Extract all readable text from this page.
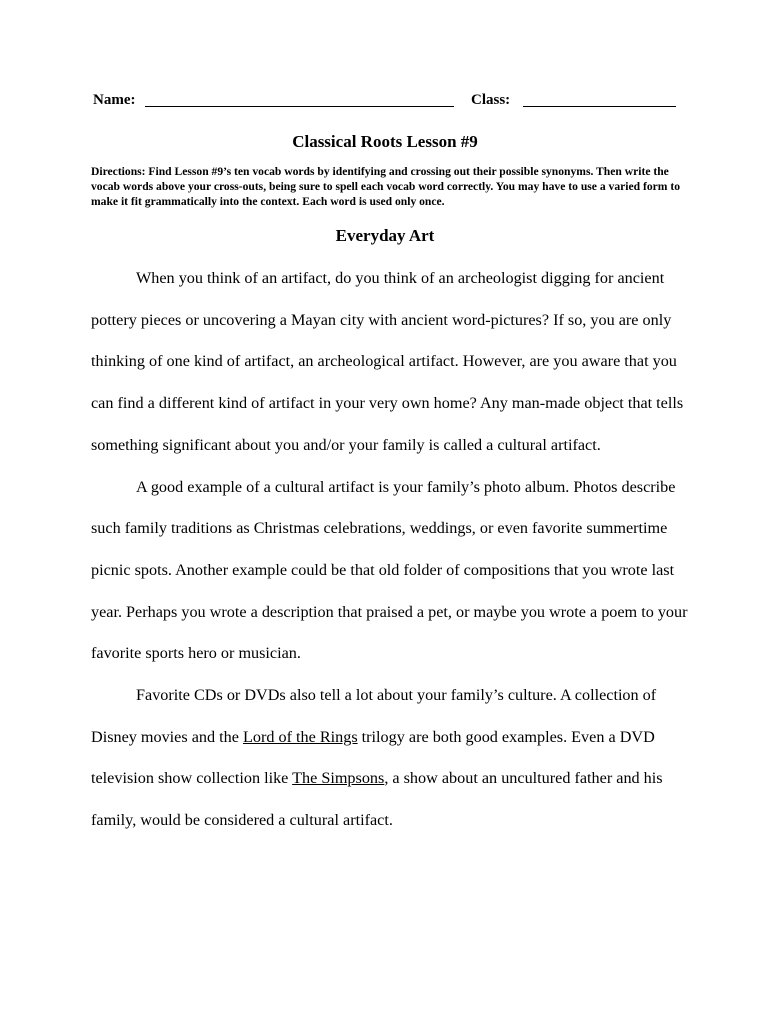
Name:	Class:
Classical Roots Lesson #9
Directions: Find Lesson #9’s ten vocab words by identifying and crossing out their possible synonyms. Then write the vocab words above your cross-outs, being sure to spell each vocab word correctly. You may have to use a varied form to make it fit grammatically into the context. Each word is used only once.
Everyday Art

When you think of an artifact, do you think of an archeologist digging for ancient pottery pieces or uncovering a Mayan city with ancient word-pictures? If so, you are only thinking of one kind of artifact, an archeological artifact. However, are you aware that you can find a different kind of artifact in your very own home? Any man-made object that tells something significant about you and/or your family is called a cultural artifact.

A good example of a cultural artifact is your family’s photo album. Photos describe such family traditions as Christmas celebrations, weddings, or even favorite summertime picnic spots. Another example could be that old folder of compositions that you wrote last year. Perhaps you wrote a description that praised a pet, or maybe you wrote a poem to your favorite sports hero or musician.

Favorite CDs or DVDs also tell a lot about your family’s culture. A collection of Disney movies and the Lord of the Rings trilogy are both good examples. Even a DVD television show collection like The Simpsons, a show about an uncultured father and his family, would be considered a cultural artifact.
